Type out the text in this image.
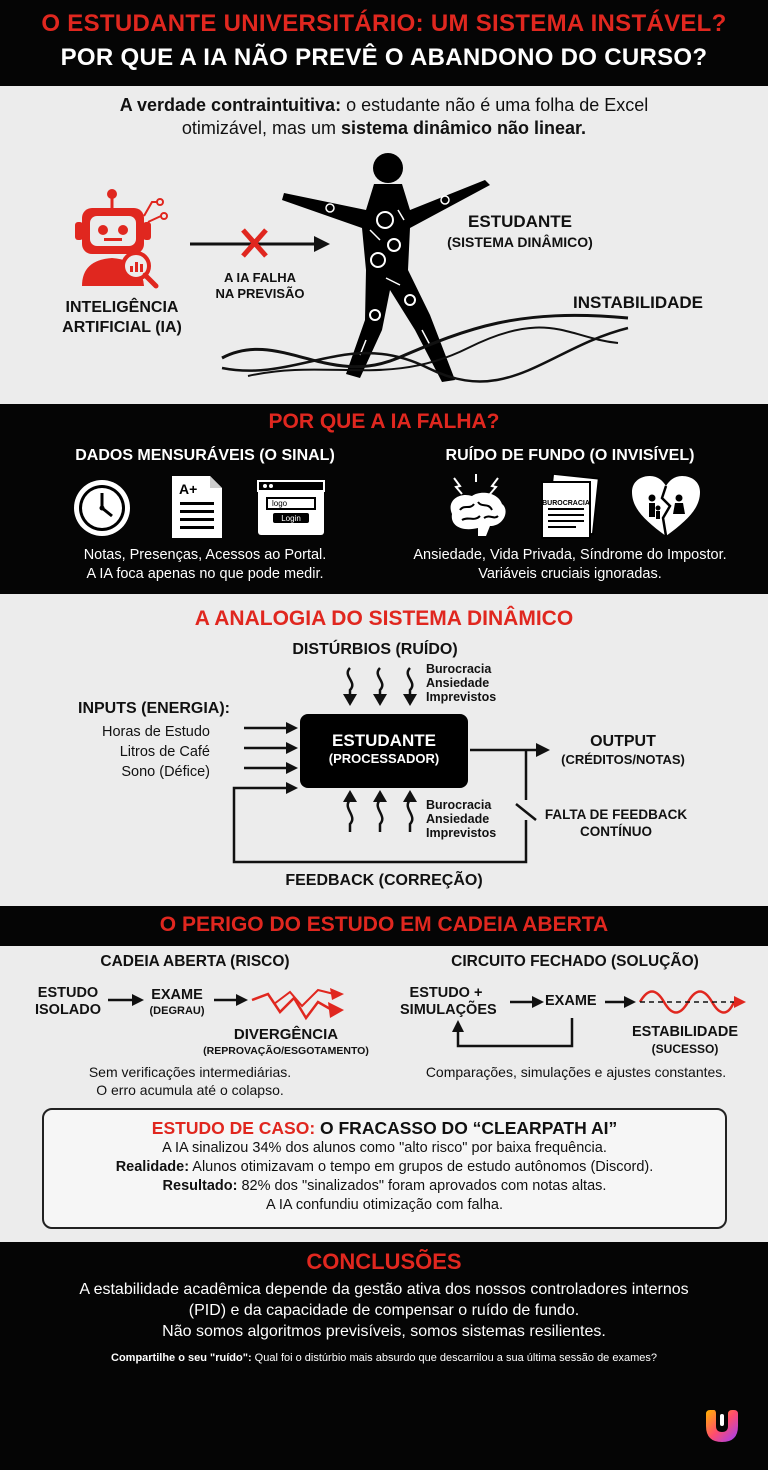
O ESTUDANTE UNIVERSITÁRIO: UM SISTEMA INSTÁVEL?
POR QUE A IA NÃO PREVÊ O ABANDONO DO CURSO?
A verdade contraintuitiva: o estudante não é uma folha de Excel
otimizável, mas um sistema dinâmico não linear.
INTELIGÊNCIA
ARTIFICIAL (IA)
A IA FALHA
NA PREVISÃO
ESTUDANTE
(SISTEMA DINÂMICO)
INSTABILIDADE
POR QUE A IA FALHA?
DADOS MENSURÁVEIS (O SINAL)	RUÍDO DE FUNDO (O INVISÍVEL)
A+
logo
Login
BUROCRACIA
Notas, Presenças, Acessos ao Portal.
A IA foca apenas no que pode medir.
Ansiedade, Vida Privada, Síndrome do Impostor.
Variáveis cruciais ignoradas.
A ANALOGIA DO SISTEMA DINÂMICO
DISTÚRBIOS (RUÍDO)
Burocracia
Ansiedade
Imprevistos
Burocracia
Ansiedade
Imprevistos
INPUTS (ENERGIA):
Horas de Estudo
Litros de Café
Sono (Défice)
ESTUDANTE
(PROCESSADOR)
OUTPUT
(CRÉDITOS/NOTAS)
FALTA DE FEEDBACK
CONTÍNUO
FEEDBACK (CORREÇÃO)
O PERIGO DO ESTUDO EM CADEIA ABERTA
CADEIA ABERTA (RISCO)	CIRCUITO FECHADO (SOLUÇÃO)
ESTUDO
ISOLADO
EXAME
(DEGRAU)
DIVERGÊNCIA
(REPROVAÇÃO/ESGOTAMENTO)
Sem verificações intermediárias.
O erro acumula até o colapso.
ESTUDO +
SIMULAÇÕES
EXAME
ESTABILIDADE
(SUCESSO)
Comparações, simulações e ajustes constantes.
ESTUDO DE CASO: O FRACASSO DO “CLEARPATH AI”
A IA sinalizou 34% dos alunos como "alto risco" por baixa frequência.
Realidade: Alunos otimizavam o tempo em grupos de estudo autônomos (Discord).
Resultado: 82% dos "sinalizados" foram aprovados com notas altas.
A IA confundiu otimização com falha.
CONCLUSÕES
A estabilidade acadêmica depende da gestão ativa dos nossos controladores internos
(PID) e da capacidade de compensar o ruído de fundo.
Não somos algoritmos previsíveis, somos sistemas resilientes.
Compartilhe o seu "ruído": Qual foi o distúrbio mais absurdo que descarrilou a sua última sessão de exames?
